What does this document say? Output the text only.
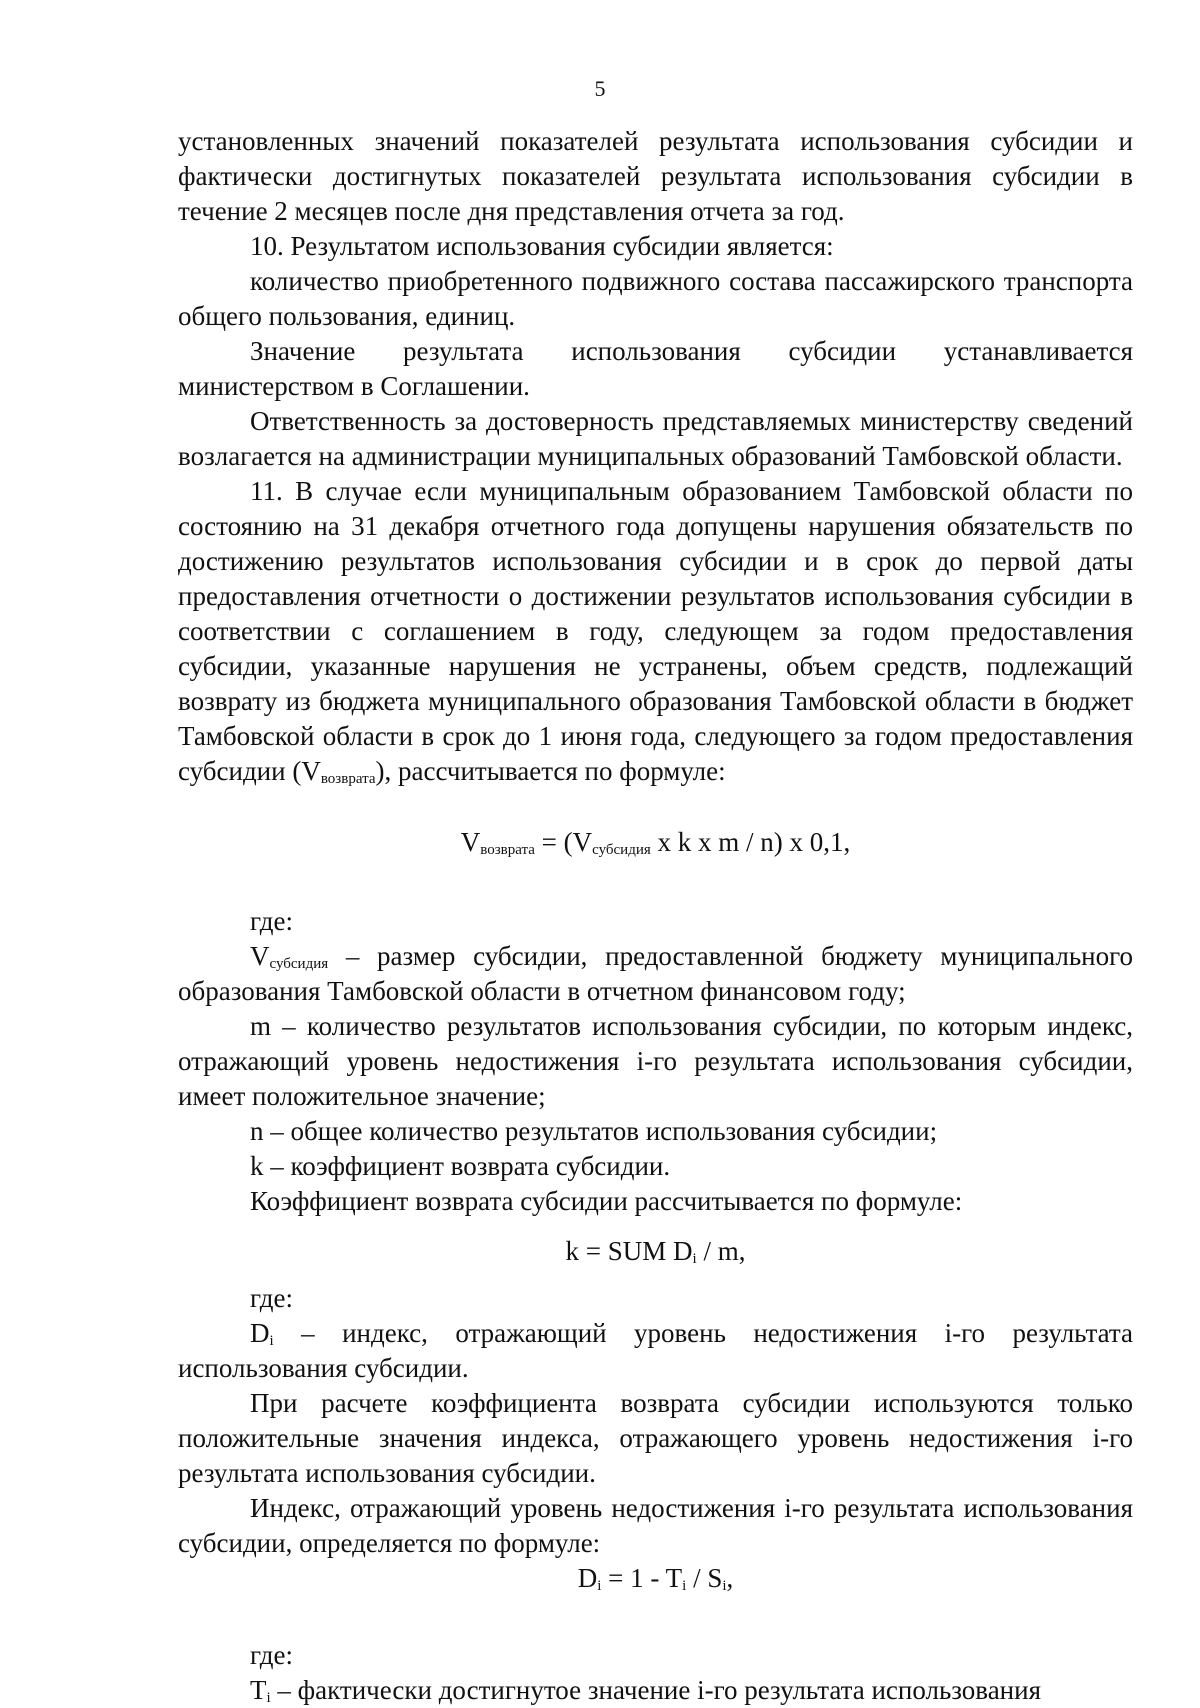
5

установленных значений показателей результата использования субсидии и фактически достигнутых показателей результата использования субсидии в течение 2 месяцев после дня представления отчета за год.

10. Результатом использования субсидии является:

количество приобретенного подвижного состава пассажирского транспорта общего пользования, единиц.

Значение результата использования субсидии устанавливается министерством в Соглашении.

Ответственность за достоверность представляемых министерству сведений возлагается на администрации муниципальных образований Тамбовской области.

11. В случае если муниципальным образованием Тамбовской области по состоянию на 31 декабря отчетного года допущены нарушения обязательств по достижению результатов использования субсидии и в срок до первой даты предоставления отчетности о достижении результатов использования субсидии в соответствии с соглашением в году, следующем за годом предоставления субсидии, указанные нарушения не устранены, объем средств, подлежащий возврату из бюджета муниципального образования Тамбовской области в бюджет Тамбовской области в срок до 1 июня года, следующего за годом предоставления субсидии $(V_{возврата})$, рассчитывается по формуле:

$V_{возврата} = (V_{субсидия}$ x k x m / n) x 0,1,

где:

$V_{субсидия}$ – размер субсидии, предоставленной бюджету муниципального образования Тамбовской области в отчетном финансовом году;

m – количество результатов использования субсидии, по которым индекс, отражающий уровень недостижения i-го результата использования субсидии, имеет положительное значение;

n – общее количество результатов использования субсидии;

k – коэффициент возврата субсидии.

Коэффициент возврата субсидии рассчитывается по формуле:

k = SUM $D_i$ / m,

где:

$D_i$ – индекс, отражающий уровень недостижения i-го результата использования субсидии.

При расчете коэффициента возврата субсидии используются только положительные значения индекса, отражающего уровень недостижения i-го результата использования субсидии.

Индекс, отражающий уровень недостижения i-го результата использования субсидии, определяется по формуле:

$D_i = 1 - T_i / S_i$,

где:

$T_i$ – фактически достигнутое значение i-го результата использования
